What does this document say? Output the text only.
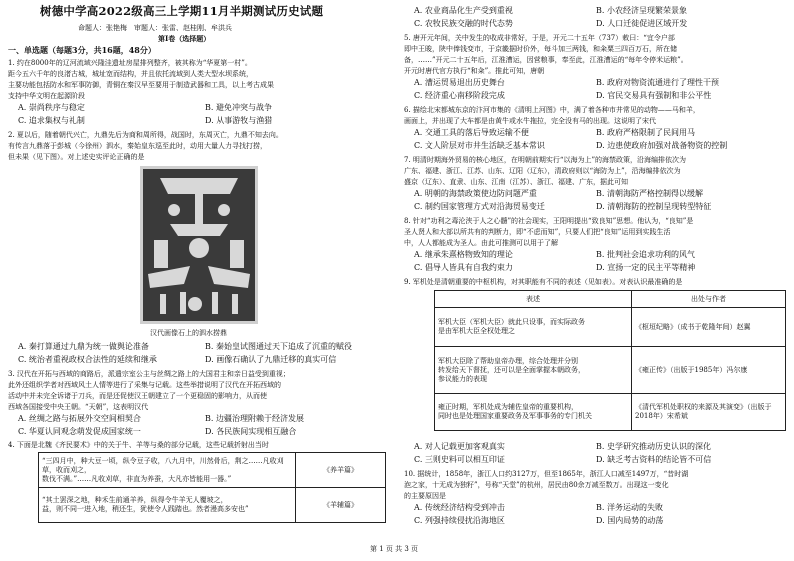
树德中学高2022级高三上学期11月半期测试历史试题
命题人：张艳梅　审题人：张雷、赵桂刚、牟洪兵
第Ⅰ卷（选择题）
一、单选题（每题3分，共16题，48分）
1. 约在8000年的辽河流域兴隆洼遗址房屋排列整齐，被其称为“华夏第一村”。
距今五六千年的良渚古城，城址宽而结构，并且依托流域到人类大型水坝系统，
主要功能包括防水和军事防御，青铜在秦汉早至要用于制造武器和工具，以上考古成果
支持中华文明在起源阶段
A. 崇尚秩序与稳定	B. 避免冲突与战争
C. 追求集权与礼制	D. 从事游牧与渔猎
2. 夏以后，随着朝代兴亡，九鼎先后为商和周所得，战国时，东周灭亡，九鼎不知去向。
有传言九鼎落于彭城（今徐州）泗水，秦始皇东巡至此时，动用大量人力寻找打捞，
但未果（见下图）。对上述史实评论正确的是
汉代画像石上的泗水捞鼎
A. 秦打算通过九鼎为统一做舆论准备	B. 秦始皇试图通过天下追成了沉重的赋役
C. 统治者重视政权合法性的延续和继承	D. 画像石确认了九鼎迁移的真实可信
3. 汉代在开拓与西域的商路后，派遣宗室公主与丝绸之路上的大国君主和亲日益受到重视；
此外还组织学者对西域风土人情等进行了采集与记载。这些举措说明了汉代在开拓西域的
活动中并未完全诉诸于刀兵，而是还促使汉王朝建立了一个更稳固的影响力，从而使
西域各国接受中央王朝。“天朝”，这表明汉代
A. 丝绸之路与拓展外交空间相契合	B. 边疆治理附赖于经济发展
C. 华夏认同观念萌发促成国家统一	D. 各民族间实现相互融合
4. 下面是北魏《齐民要术》中的关于牛、羊等与桑的部分记载，这些记载折射出当时
“三四月中，种大豆一顷，纵令豆子收，八九月中，川然骨后，荆之……凡收刈草，收而刈之，
数伐不满。”……凡收刈草，非直为养蚕，大凡亦皆能用一器。”	《养羊篇》

“其土罢深之地，种禾生前通羊养，纵得令牛羊无人覆坡之，
益，则不同一进入地，稍还生，犹使令人践踏也。然者漫高多安也”	《羊辅篇》
A. 农业商品化生产受到重视	B. 小农经济呈现繁荣景象
C. 农牧民族交融的时代态势	D. 人口迁徙促进区域开发
5. 唐开元年间，关中发生的收成非常好，于是，开元二十五年（737）敕曰：“宜令户部
即中王晙，陕中俸钱变市，于京畿据时价外，每斗加三两钱，和籴粟三四百万石，所在储
备，……”开元二十五年后，江淮漕运，因营粮事，奉至此，江淮漕运的“每年令停米运粮”。
开元时唐代官方执行“和籴”。推此可知，唐朝
A. 漕运贸易退出历史舞台	B. 政府对物资流通进行了理性干预
C. 经济重心南移阶段完成	D. 官民交易具有强制和非公平性
6. 描绘北宋都城东京的汴河市集的《清明上河图》中，满了着各种市井常见的动物——马和羊，
画面上，并出现了大车都是由黄牛或水牛拖拉，完全没有马的出现。这说明了宋代
A. 交通工具的落后导致运输不便	B. 政府严格限制了民间用马
C. 文人阶层对市井生活缺乏基本常识	D. 边患使政府加强对战备物资的控制
7. 明清时期海外贸易的核心地区，在明朝前期实行“以海为上”的海禁政策，沿海编排依次为
广东、福建、浙江、江苏、山东、辽阳（辽东），清政府则以“海防为上”，沿海编排依次为
盛京（辽东）、直隶、山东、江南（江苏）、浙江、福建、广东，据此可知
A. 明朝的海禁政策使边防问题严重	B. 清朝海防严格控制得以缓解
C. 制约国家管理方式对沿海贸易变迁	D. 清朝海防的控制呈现转型特征
8. 针对“功利之毒沦浃于人之心髓”的社会现实，王阳明提出“致良知”思想。他认为，“良知”是
圣人贤人和大部以所共有的判断力，即“不虑而知”，只要人们把“良知”运用到实践生活
中，人人都能成为圣人。由此可推测可以用于了解
A. 继承朱熹格物致知的理论	B. 批判社会追求功利的风气
C. 倡导人皆具有自我约束力	D. 宣扬一定的民主平等精神
9. 军机处是清朝重要的中枢机构，对其职能有不同的表述（见如表）。对表认识最准确的是
表述	出处与作者

军机大臣（军机大臣）就此只设事，而实际政务
是由军机大臣全权处理之	《枢垣纪略》（成书于乾隆年间）赵翼

军机大臣除了帮助皇帝办理，综合处理并分别
转发给天下督抚，还可以是全面掌握本朝政务，
参议能力的表现	《雍正传》（出版于1985年）冯尔康

雍正时期，军机处成为辅佐皇帝的重要机构，
同时也是处理国家重要政务及军事事务的专门机关	《清代军机处职权的来源及其演变》（出版于2018年）宋希斌
A. 对人记载更加客观真实	B. 史学研究推动历史认识的深化
C. 三则史料可以相互印证	D. 缺乏考古资料的结论皆不可信
10. 据统计，1858年，浙江人口约3127万，但至1865年，浙江人口减至1497万，“昔时湖
泡之家，十无成为独籽”，号称“天堂”的杭州，居民由80余万减至数万。出现这一变化
的主要原因是
A. 传统经济结构受到冲击	B. 洋务运动的失败
C. 列强持续侵扰沿海地区	D. 国内局势的动荡
第 1 页 共 3 页
